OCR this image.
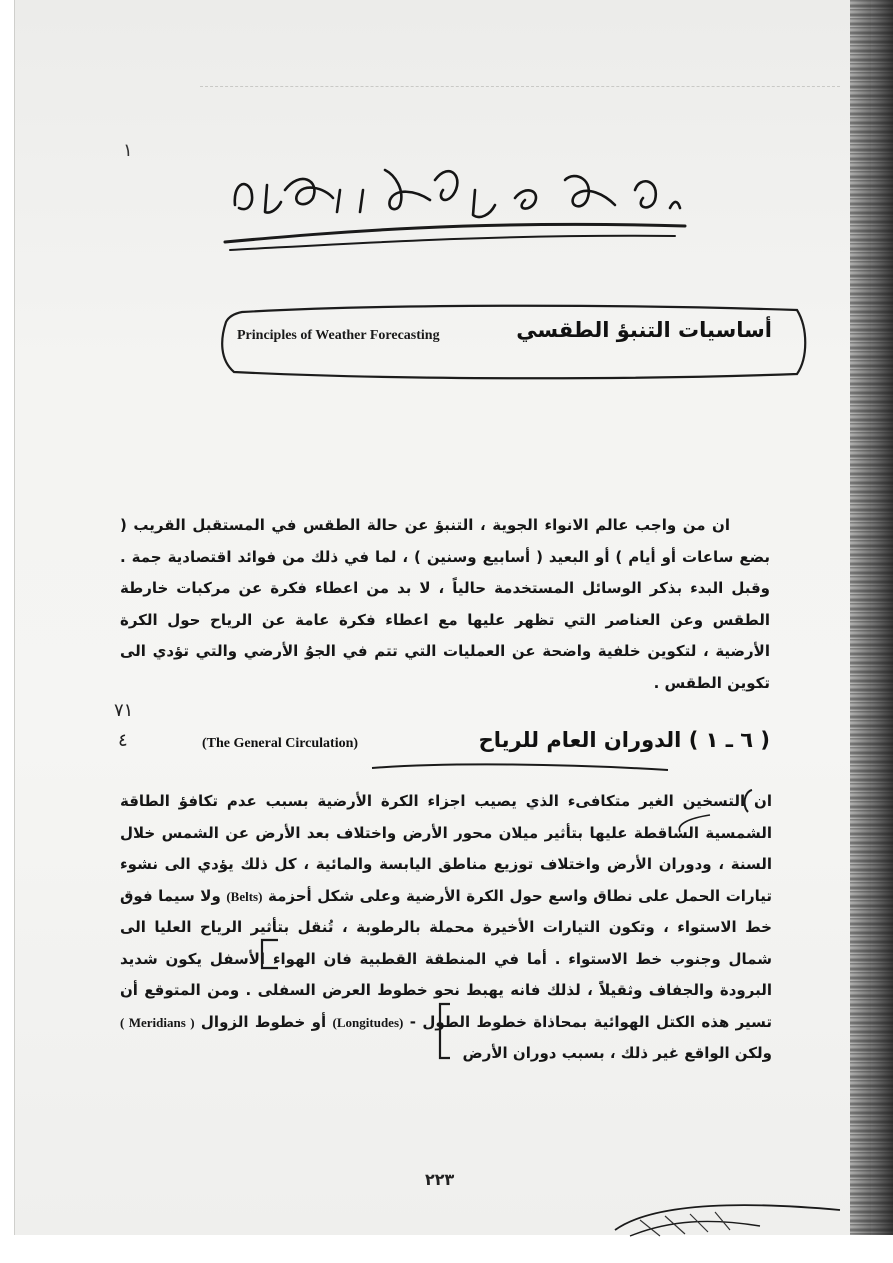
١
Principles of Weather Forecasting	أساسيات التنبؤ الطقسي
ان من واجب عالم الانواء الجوية ، التنبؤ عن حالة الطقس في المستقبل القريب ( بضع ساعات أو أيام ) أو البعيد ( أسابيع وسنين ) ، لما في ذلك من فوائد اقتصادية جمة . وقبل البدء بذكر الوسائل المستخدمة حالياً ، لا بد من اعطاء فكرة عن مركبات خارطة الطقس وعن العناصر التي تظهر عليها مع اعطاء فكرة عامة عن الرياح حول الكرة الأرضية ، لتكوين خلفية واضحة عن العمليات التي تتم في الجوُ الأرضي والتي تؤدي الى تكوين الطقس .
٧١
٤	( ٦ ـ ١ ) الدوران العام للرياح
(The General Circulation)
ان التسخين الغير متكافىء الذي يصيب اجزاء الكرة الأرضية بسبب عدم تكافؤ الطاقة الشمسية الساقطة عليها بتأثير ميلان محور الأرض واختلاف بعد الأرض عن الشمس خلال السنة ، ودوران الأرض واختلاف توزيع مناطق اليابسة والمائية ، كل ذلك يؤدي الى نشوء تيارات الحمل على نطاق واسع حول الكرة الأرضية وعلى شكل أحزمة (Belts) ولا سيما فوق خط الاستواء ، وتكون التيارات الأخيرة محملة بالرطوبة ، تُنقل بتأثير الرياح العليا الى شمال وجنوب خط الاستواء . أما في المنطقة القطبية فان الهواء الأسفل يكون شديد البرودة والجفاف وثقيلاً ، لذلك فانه يهبط نحو خطوط العرض السفلى . ومن المتوقع أن تسير هذه الكتل الهوائية بمحاذاة خطوط الطول - (Longitudes) أو خطوط الزوال ( Meridians ) ولكن الواقع غير ذلك ، بسبب دوران الأرض
٢٢٣
